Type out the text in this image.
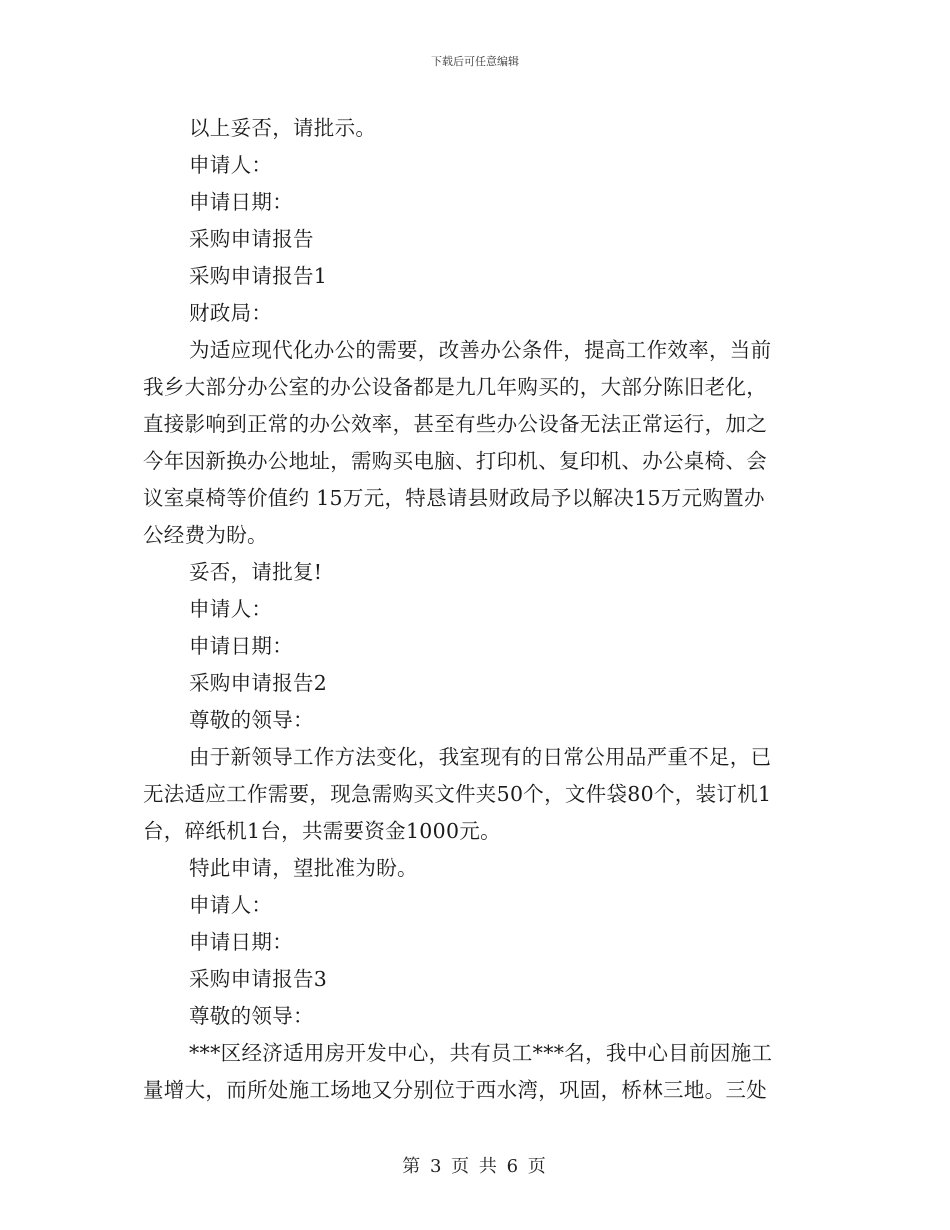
下载后可任意编辑
以上妥否，请批示。
申请人：
申请日期：
采购申请报告
采购申请报告1
财政局：
为适应现代化办公的需要，改善办公条件，提高工作效率，当前
我乡大部分办公室的办公设备都是九几年购买的，大部分陈旧老化，
直接影响到正常的办公效率，甚至有些办公设备无法正常运行，加之
今年因新换办公地址，需购买电脑、打印机、复印机、办公桌椅、会
议室桌椅等价值约 15万元，特恳请县财政局予以解决15万元购置办
公经费为盼。
妥否，请批复!
申请人：
申请日期：
采购申请报告2
尊敬的领导：
由于新领导工作方法变化，我室现有的日常公用品严重不足，已
无法适应工作需要，现急需购买文件夹50个，文件袋80个，装订机1
台，碎纸机1台，共需要资金1000元。
特此申请，望批准为盼。
申请人：
申请日期：
采购申请报告3
尊敬的领导：
***区经济适用房开发中心，共有员工***名，我中心目前因施工
量增大，而所处施工场地又分别位于西水湾，巩固，桥林三地。三处
第 3 页 共 6 页
